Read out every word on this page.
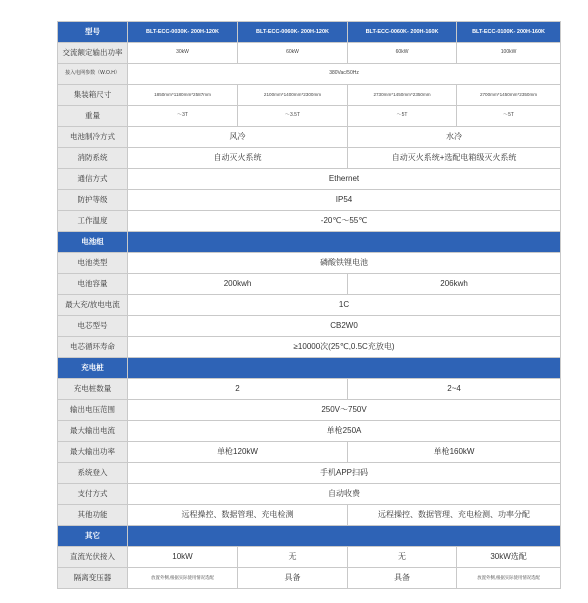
型号	BLT-ECC-0030K- 200H-120K	BLT-ECC-0060K- 200H-120K	BLT-ECC-0060K- 200H-160K	BLT-ECC-0100K- 200H-160K
交流额定输出功率	30kW	60kW	60kW	100kW
接入电网参数（W.O.H）	380Vac/50Hz			
集装箱尺寸	1850mm*1180mm*2587mm	2100mm*1400mm*2300mm	2730mm*1450mm*2350mm	2700mm*1450mm*2350mm
重量	～3T	～3.5T	～5T	～5T
电池制冷方式	风冷		水冷	
消防系统	自动灭火系统		自动灭火系统+选配电箱级灭火系统	
通信方式	Ethernet			
防护等级	IP54			
工作温度	-20℃～55℃			
电池组				
电池类型	磷酸铁锂电池			
电池容量	200kwh		206kwh	
最大充/放电电流	1C			
电芯型号	CB2W0			
电芯循环寿命	≥10000次(25℃,0.5C充放电)			
充电桩				
充电桩数量	2		2~4	
输出电压范围	250V～750V			
最大输出电流	单枪250A			
最大输出功率	单枪120kW		单枪160kW	
系统登入	手机APP扫码			
支付方式	自动收费			
其他功能	远程操控、数据管理、充电检测		远程操控、数据管理、充电检测、功率分配	
其它				
直流光伏接入	10kW	无	无	30kW选配
隔离变压器	放置外侧,根据实际使用情况选配	具备	具备	放置外侧,根据实际使用情况选配
